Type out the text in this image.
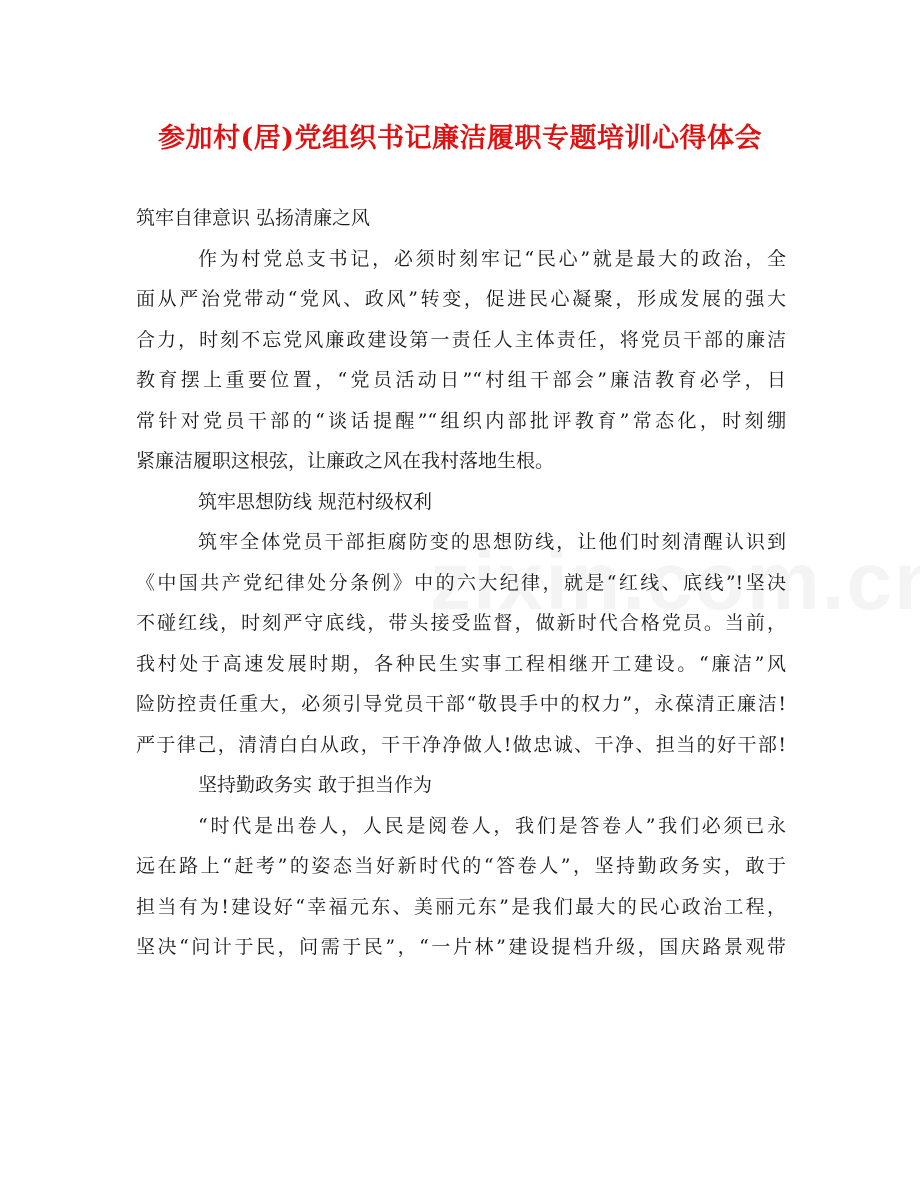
参加村(居)党组织书记廉洁履职专题培训心得体会
筑牢自律意识 弘扬清廉之风
作为村党总支书记，必须时刻牢记“民心”就是最大的政治，全
面从严治党带动“党风、政风”转变，促进民心凝聚，形成发展的强大
合力，时刻不忘党风廉政建设第一责任人主体责任，将党员干部的廉洁
教育摆上重要位置，“党员活动日”“村组干部会”廉洁教育必学，日
常针对党员干部的“谈话提醒”“组织内部批评教育”常态化，时刻绷
紧廉洁履职这根弦，让廉政之风在我村落地生根。
筑牢思想防线 规范村级权利
筑牢全体党员干部拒腐防变的思想防线，让他们时刻清醒认识到
《中国共产党纪律处分条例》中的六大纪律，就是“红线、底线”!坚决
不碰红线，时刻严守底线，带头接受监督，做新时代合格党员。当前，
我村处于高速发展时期，各种民生实事工程相继开工建设。“廉洁”风
险防控责任重大，必须引导党员干部“敬畏手中的权力”，永葆清正廉洁!
严于律己，清清白白从政，干干净净做人!做忠诚、干净、担当的好干部!
坚持勤政务实 敢于担当作为
“时代是出卷人，人民是阅卷人，我们是答卷人”我们必须已永
远在路上“赶考”的姿态当好新时代的“答卷人”，坚持勤政务实，敢于
担当有为!建设好“幸福元东、美丽元东”是我们最大的民心政治工程，
坚决“问计于民，问需于民”，“一片林”建设提档升级，国庆路景观带
